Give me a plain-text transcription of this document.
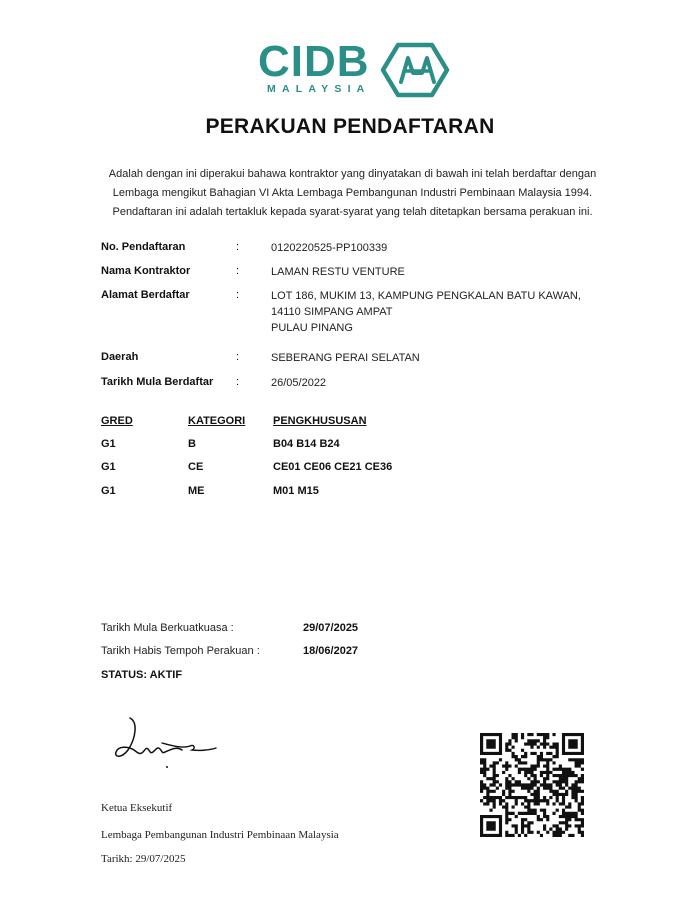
CIDB
MALAYSIA
PERAKUAN PENDAFTARAN

Adalah dengan ini diperakui bahawa kontraktor yang dinyatakan di bawah ini telah berdaftar dengan

Lembaga mengikut Bahagian VI Akta Lembaga Pembangunan Industri Pembinaan Malaysia 1994.

Pendaftaran ini adalah tertakluk kepada syarat-syarat yang telah ditetapkan bersama perakuan ini.

No. Pendaftaran	:	0120220525-PP100339
Nama Kontraktor	:	LAMAN RESTU VENTURE
Alamat Berdaftar	:	LOT 186, MUKIM 13, KAMPUNG PENGKALAN BATU KAWAN,
14110 SIMPANG AMPAT
PULAU PINANG
Daerah	:	SEBERANG PERAI SELATAN
Tarikh Mula Berdaftar :	26/05/2022
GRED	KATEGORI	PENGKHUSUSAN
G1	B	B04 B14 B24
G1	CE	CE01 CE06 CE21 CE36
G1	ME	M01 M15
Tarikh Mula Berkuatkuasa :	29/07/2025
Tarikh Habis Tempoh Perakuan :	18/06/2027
STATUS: AKTIF
Ketua Eksekutif
Lembaga Pembangunan Industri Pembinaan Malaysia
Tarikh: 29/07/2025
